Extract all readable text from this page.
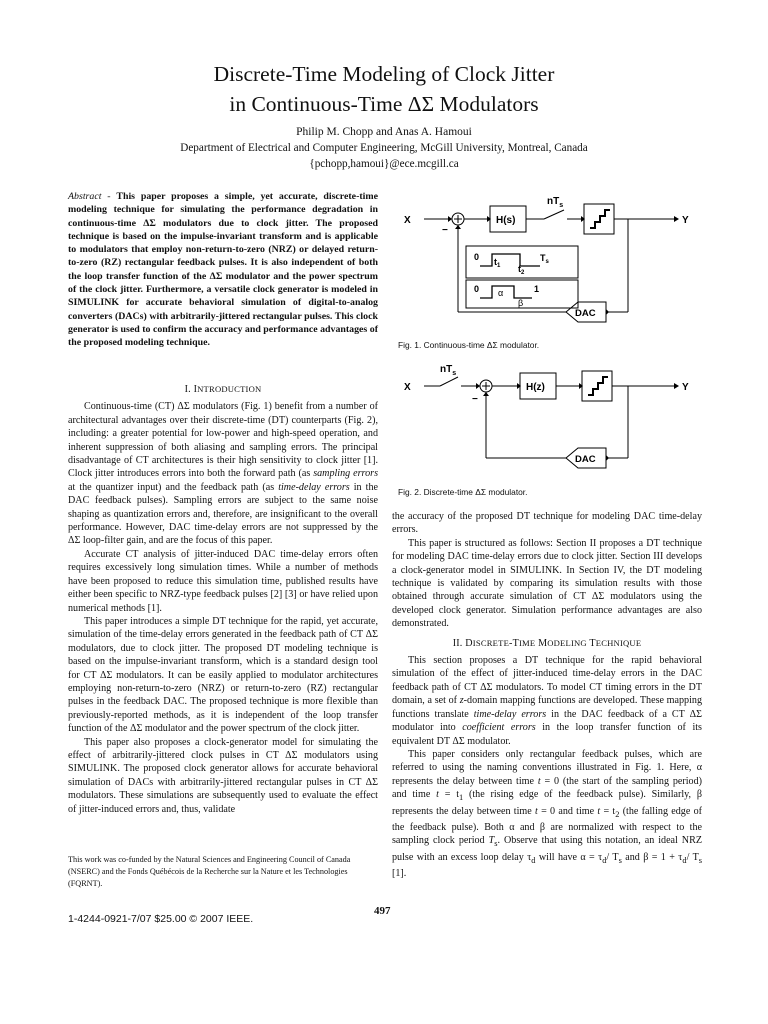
Discrete-Time Modeling of Clock Jitter
in Continuous-Time ΔΣ Modulators
Philip M. Chopp and Anas A. Hamoui
Department of Electrical and Computer Engineering, McGill University, Montreal, Canada
{pchopp,hamoui}@ece.mcgill.ca
Abstract - This paper proposes a simple, yet accurate, discrete-time modeling technique for simulating the performance degradation in continuous-time ΔΣ modulators due to clock jitter. The proposed technique is based on the impulse-invariant transform and is applicable to modulators that employ non-return-to-zero (NRZ) or delayed return-to-zero (RZ) rectangular feedback pulses. It is also independent of both the loop transfer function of the ΔΣ modulator and the power spectrum of the clock jitter. Furthermore, a versatile clock generator is modeled in SIMULINK for accurate behavioral simulation of digital-to-analog converters (DACs) with arbitrarily-jittered rectangular pulses. This clock generator is used to confirm the accuracy and performance advantages of the proposed modeling technique.
I. INTRODUCTION

Continuous-time (CT) ΔΣ modulators (Fig. 1) benefit from a number of architectural advantages over their discrete-time (DT) counterparts (Fig. 2), including: a greater potential for low-power and high-speed operation, and inherent suppression of both aliasing and sampling errors. The principal disadvantage of CT architectures is their high sensitivity to clock jitter [1]. Clock jitter introduces errors into both the forward path (as sampling errors at the quantizer input) and the feedback path (as time-delay errors in the DAC feedback pulses). Sampling errors are subject to the same noise shaping as quantization errors and, therefore, are insignificant to the overall performance. However, DAC time-delay errors are not suppressed by the ΔΣ loop-filter gain, and are the focus of this paper.

Accurate CT analysis of jitter-induced DAC time-delay errors often requires excessively long simulation times. While a number of methods have been proposed to reduce this simulation time, published results have either been specific to NRZ-type feedback pulses [2] [3] or have relied upon numerical methods [1].

This paper introduces a simple DT technique for the rapid, yet accurate, simulation of the time-delay errors generated in the feedback path of CT ΔΣ modulators, due to clock jitter. The proposed DT modeling technique is based on the impulse-invariant transform, which is a standard design tool for CT ΔΣ modulators. It can be easily applied to modulator architectures employing non-return-to-zero (NRZ) or return-to-zero (RZ) rectangular pulses in the feedback DAC. The proposed technique is more flexible than previously-reported methods, as it is independent of the loop transfer function of the ΔΣ modulator and the power spectrum of the clock jitter.

This paper also proposes a clock-generator model for simulating the effect of arbitrarily-jittered clock pulses in CT ΔΣ modulators using SIMULINK. The proposed clock generator allows for accurate behavioral simulation of DACs with arbitrarily-jittered rectangular pulses in CT ΔΣ modulators. These simulations are subsequently used to evaluate the effect of jitter-induced errors and, thus, validate

This work was co-funded by the Natural Sciences and Engineering Council of Canada (NSERC) and the Fonds Québécois de la Recherche sur la Nature et les Technologies (FQRNT).
497
1-4244-0921-7/07 $25.00 © 2007 IEEE.
X	Y
H(s)
−
$nT_s$
DAC
0 $t_1$ $t_2$
$T_s$
0	1
α
β
Fig. 1. Continuous-time ΔΣ modulator.
X	Y
H(z)
−
$nT_s$
DAC
Fig. 2. Discrete-time ΔΣ modulator.

the accuracy of the proposed DT technique for modeling DAC time-delay errors.

This paper is structured as follows: Section II proposes a DT technique for modeling DAC time-delay errors due to clock jitter. Section III develops a clock-generator model in SIMULINK. In Section IV, the DT modeling technique is validated by comparing its simulation results with those obtained through accurate simulation of CT ΔΣ modulators using the developed clock generator. Simulation performance advantages are also demonstrated.

II. DISCRETE-TIME MODELING TECHNIQUE

This section proposes a DT technique for the rapid behavioral simulation of the effect of jitter-induced time-delay errors in the DAC feedback path of CT ΔΣ modulators. To model CT timing errors in the DT domain, a set of z-domain mapping functions are developed. These mapping functions translate time-delay errors in the DAC feedback of a CT ΔΣ modulator into coefficient errors in the loop transfer function of its equivalent DT ΔΣ modulator.

This paper considers only rectangular feedback pulses, which are referred to using the naming conventions illustrated in Fig. 1. Here, α represents the delay between time t = 0 (the start of the sampling period) and time $t = t_1$ (the rising edge of the feedback pulse). Similarly, β represents the delay between time t = 0 and time $t = t_2$ (the falling edge of the feedback pulse). Both α and β are normalized with respect to the sampling clock period $T_s$. Observe that using this notation, an ideal NRZ pulse with an excess loop delay $\tau_d$ will have $\alpha = \tau_d/$ $T_s$ and $\beta = 1 + \tau_d/$ $T_s$ [1].
